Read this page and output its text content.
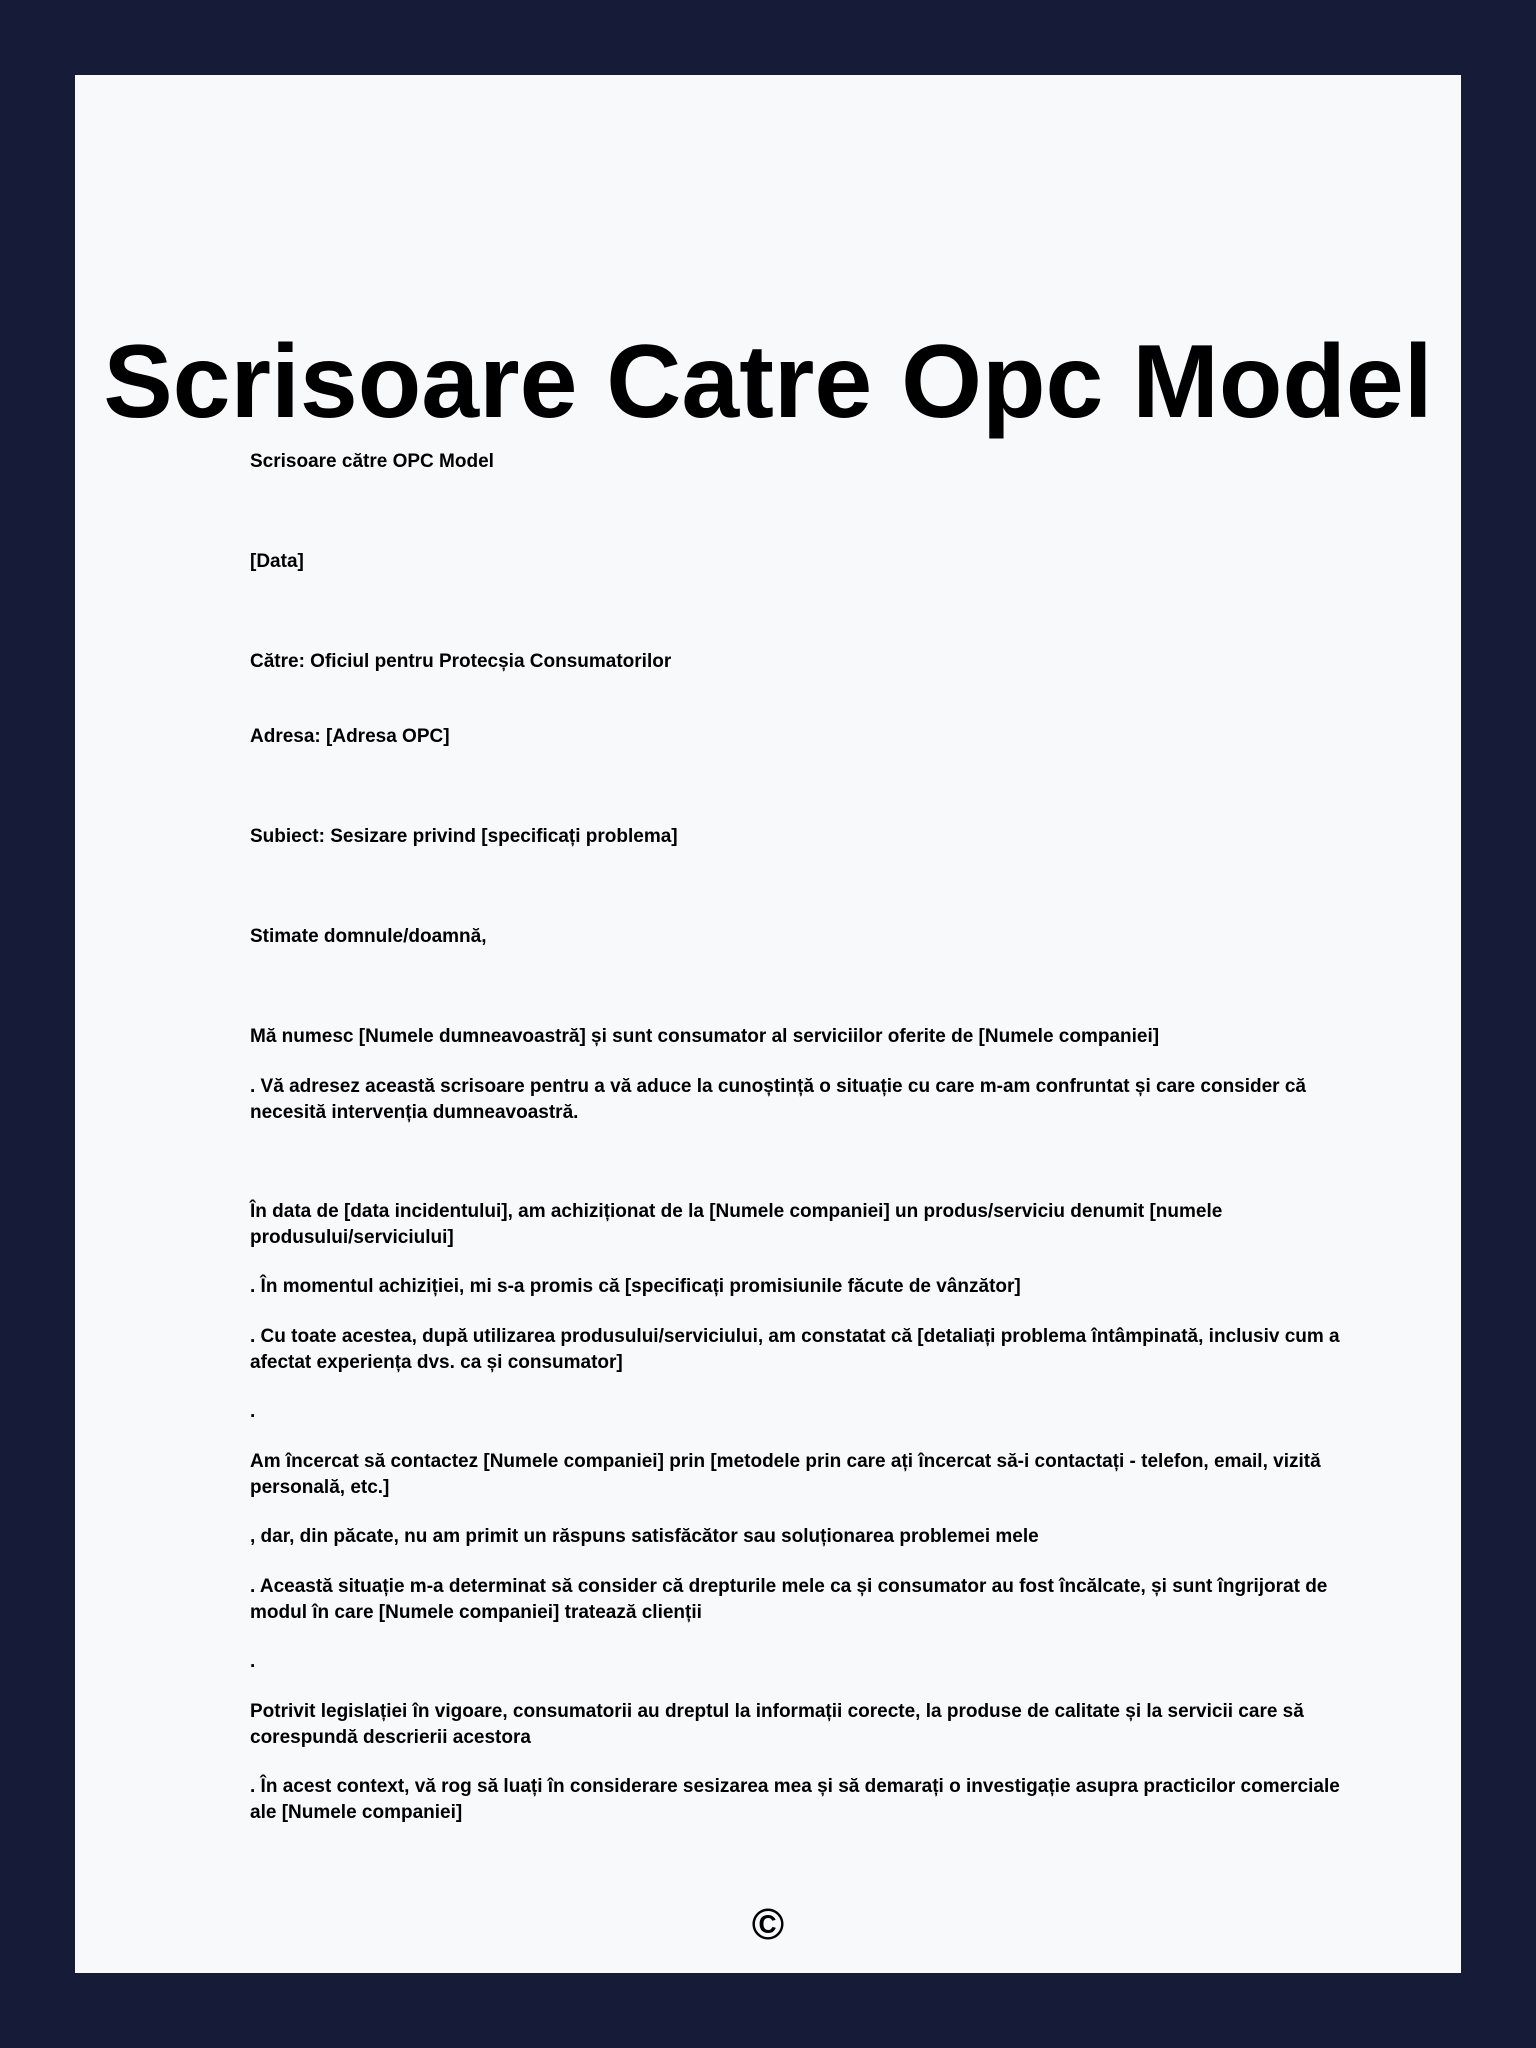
Scrisoare Catre Opc Model

Scrisoare către OPC Model

[Data]

Către: Oficiul pentru Protecșia Consumatorilor

Adresa: [Adresa OPC]

Subiect: Sesizare privind [specificați problema]

Stimate domnule/doamnă,

Mă numesc [Numele dumneavoastră] și sunt consumator al serviciilor oferite de [Numele companiei]

. Vă adresez această scrisoare pentru a vă aduce la cunoștință o situație cu care m-am confruntat și care consider că necesită intervenția dumneavoastră.

În data de [data incidentului], am achiziționat de la [Numele companiei] un produs/serviciu denumit [numele produsului/serviciului]

. În momentul achiziției, mi s-a promis că [specificați promisiunile făcute de vânzător]

. Cu toate acestea, după utilizarea produsului/serviciului, am constatat că [detaliați problema întâmpinată, inclusiv cum a afectat experiența dvs. ca și consumator]

.

Am încercat să contactez [Numele companiei] prin [metodele prin care ați încercat să-i contactați - telefon, email, vizită personală, etc.]

, dar, din păcate, nu am primit un răspuns satisfăcător sau soluționarea problemei mele

. Această situație m-a determinat să consider că drepturile mele ca și consumator au fost încălcate, și sunt îngrijorat de modul în care [Numele companiei] tratează clienții

.

Potrivit legislației în vigoare, consumatorii au dreptul la informații corecte, la produse de calitate și la servicii care să corespundă descrierii acestora

. În acest context, vă rog să luați în considerare sesizarea mea și să demarați o investigație asupra practicilor comerciale ale [Numele companiei]

©
